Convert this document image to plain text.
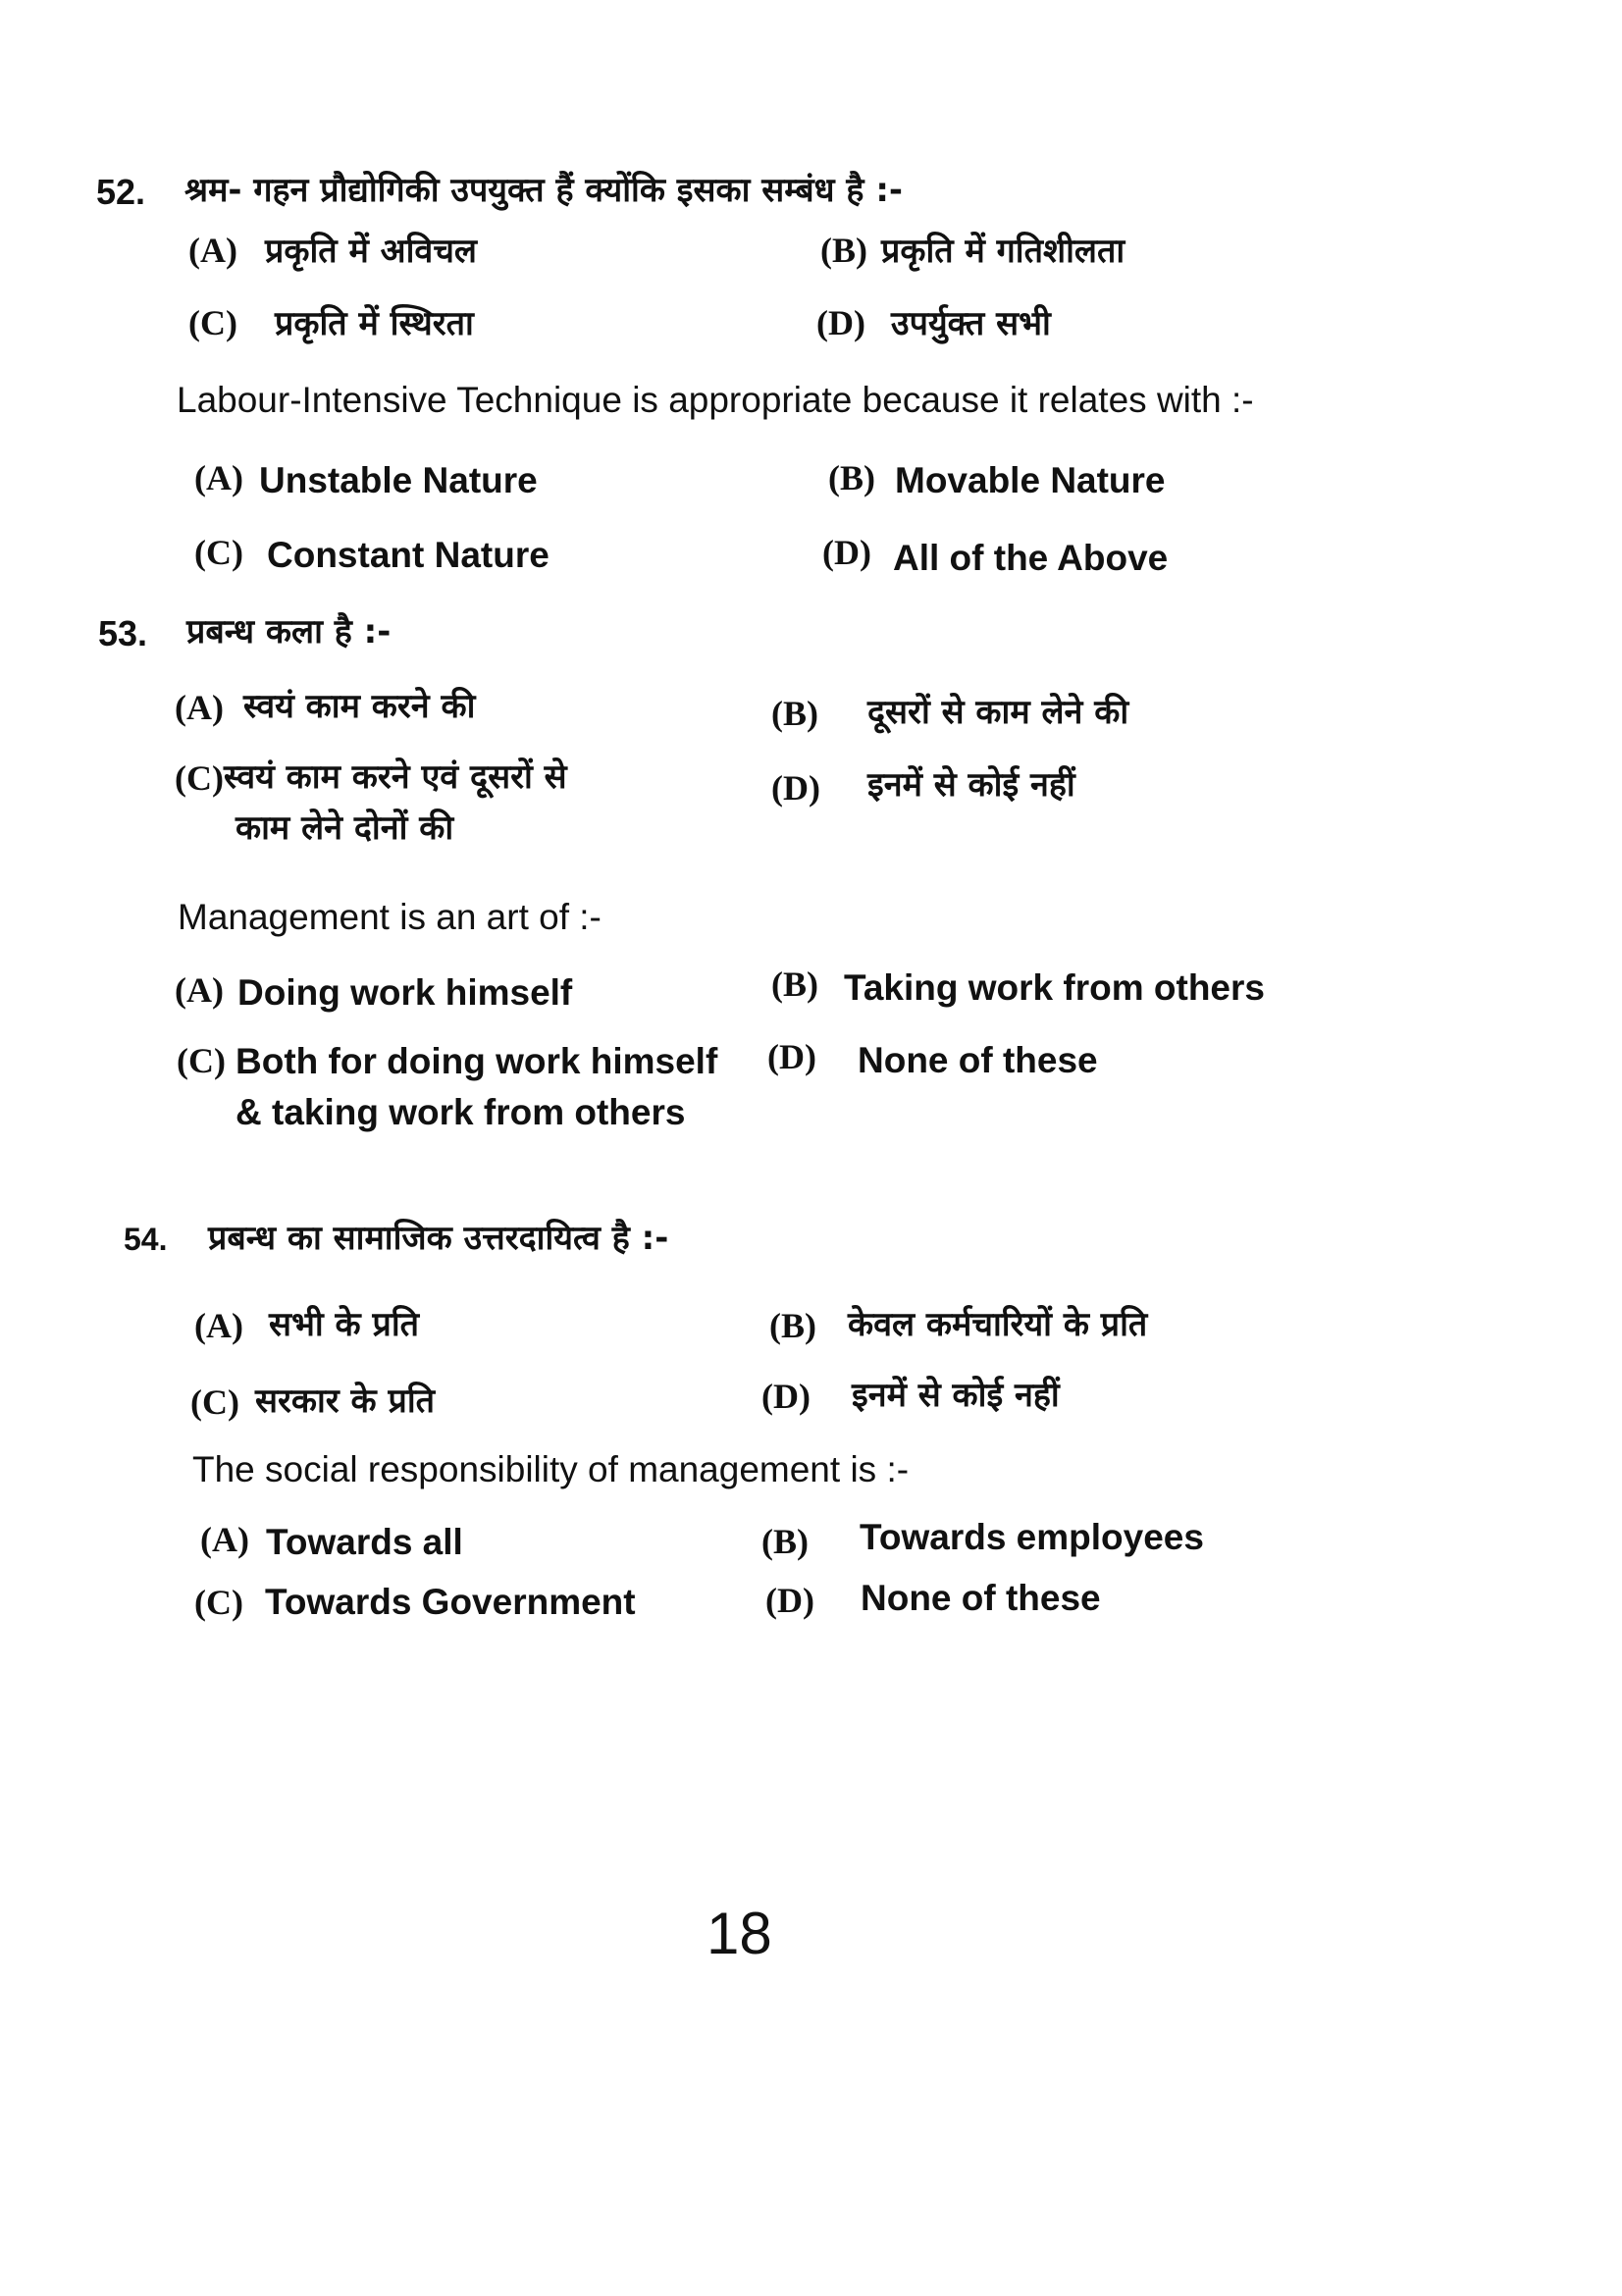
52. श्रम- गहन प्रौद्योगिकी उपयुक्त हैं क्योंकि इसका सम्बंध है :-
(A) प्रकृति में अविचल	(B) प्रकृति में गतिशीलता
(C) प्रकृति में स्थिरता	(D) उपर्युक्त सभी
Labour-Intensive Technique is appropriate because it relates with :-
(A) Unstable Nature	(B) Movable Nature
(C) Constant Nature	(D) All of the Above
53. प्रबन्ध कला है :-
(A) स्वयं काम करने की	(B) दूसरों से काम लेने की
(C) स्वयं काम करने एवं दूसरों से
काम लेने दोनों की
(D) इनमें से कोई नहीं
Management is an art of :-
(A) Doing work himself	(B) Taking work from others
(C) Both for doing work himself
& taking work from others
(D) None of these
54. प्रबन्ध का सामाजिक उत्तरदायित्व है :-
(A) सभी के प्रति	(B) केवल कर्मचारियों के प्रति
(C) सरकार के प्रति	(D) इनमें से कोई नहीं
The social responsibility of management is :-
(A) Towards all	(B) Towards employees
(C) Towards Government	(D) None of these
18
